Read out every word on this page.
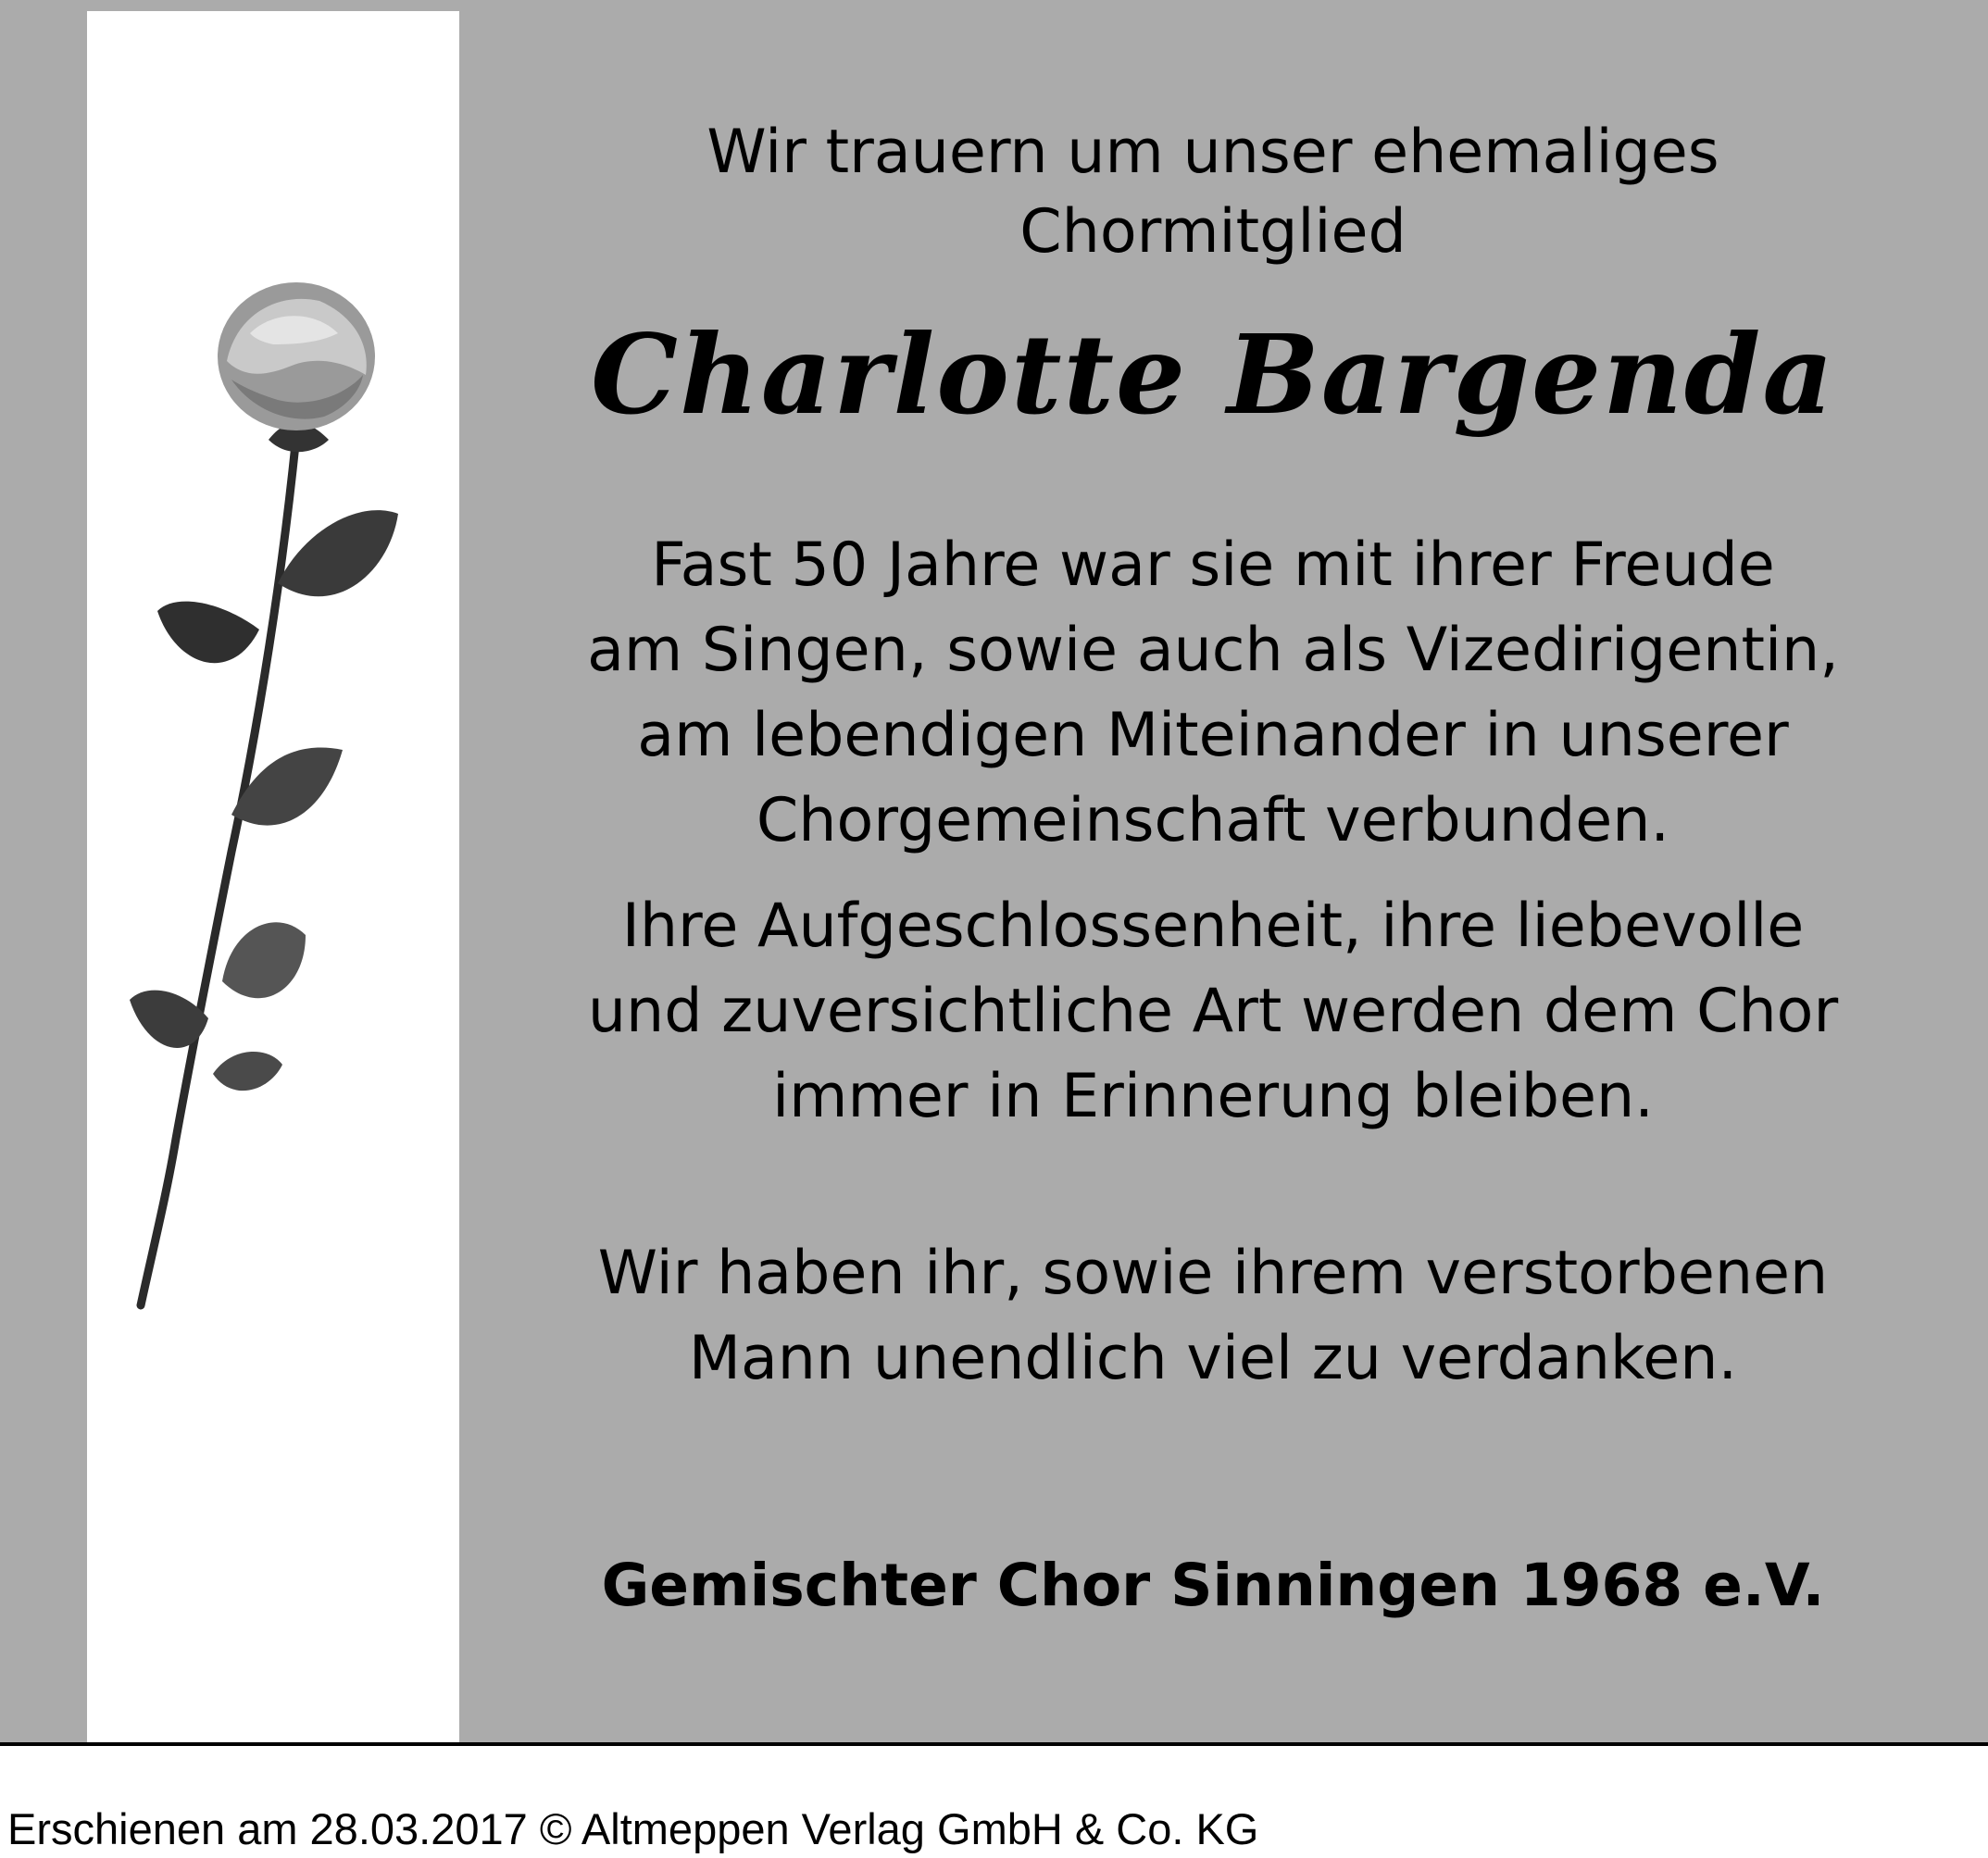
Wir trauern um unser ehemaliges
Chormitglied
Charlotte Bargenda
Fast 50 Jahre war sie mit ihrer Freude
am Singen, sowie auch als Vizedirigentin,
am lebendigen Miteinander in unserer
Chorgemeinschaft verbunden.
Ihre Aufgeschlossenheit, ihre liebevolle
und zuversichtliche Art werden dem Chor
immer in Erinnerung bleiben.
Wir haben ihr, sowie ihrem verstorbenen
Mann unendlich viel zu verdanken.
Gemischter Chor Sinningen 1968 e.V.
Erschienen am 28.03.2017 © Altmeppen Verlag GmbH & Co. KG
